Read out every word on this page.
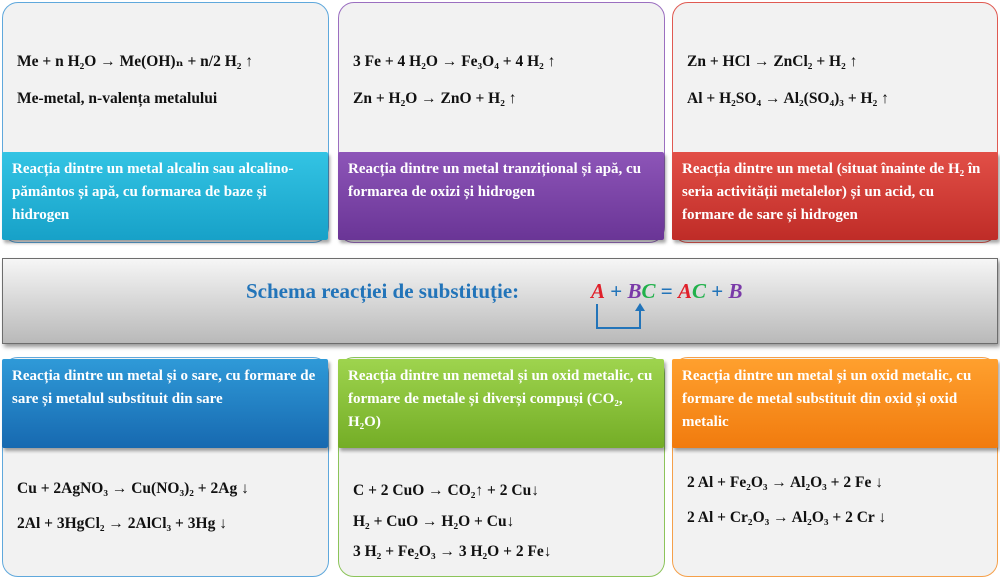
Me + n H₂O → Me(OH)ₙ + n/2 H₂ ↑
Me-metal, n-valența metalului
Reacția dintre un metal alcalin sau alcalino-pământos și apă, cu formarea de baze și hidrogen
3 Fe + 4 H₂O → Fe₃O₄ + 4 H₂ ↑
Zn + H₂O → ZnO + H₂ ↑
Reacția dintre un metal tranzițional și apă, cu formarea de oxizi și hidrogen
Zn + HCl → ZnCl₂ + H₂ ↑
Al + H₂SO₄ → Al₂(SO₄)₃ + H₂ ↑
Reacția dintre un metal (situat înainte de H₂ în seria activității metalelor) și un acid, cu formare de sare și hidrogen
Schema reacției de substituție:	A + BC = AC + B
Cu + 2AgNO₃ → Cu(NO₃)₂ + 2Ag ↓
2Al + 3HgCl₂ → 2AlCl₃ + 3Hg ↓
Reacția dintre un metal și o sare, cu formare de sare și metalul substituit din sare
C + 2 CuO → CO₂↑ + 2 Cu↓
H₂ + CuO → H₂O + Cu↓
3 H₂ + Fe₂O₃ → 3 H₂O + 2 Fe↓
Reacția dintre un nemetal și un oxid metalic, cu formare de metale și diverși compuși (CO₂, H₂O)
2 Al + Fe₂O₃ → Al₂O₃ + 2 Fe ↓
2 Al + Cr₂O₃ → Al₂O₃ + 2 Cr ↓
Reacția dintre un metal și un oxid metalic, cu formare de metal substituit din oxid și oxid metalic
